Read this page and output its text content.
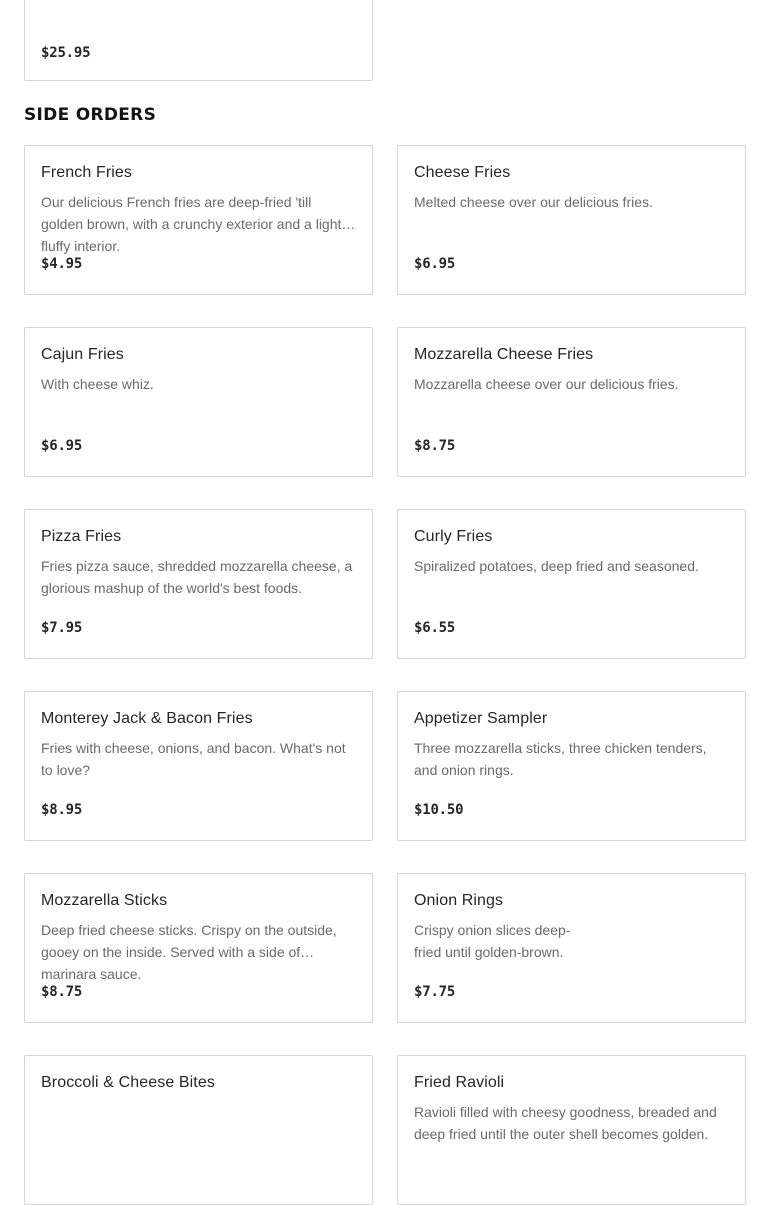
$25.95
SIDE ORDERS
French Fries
Our delicious French fries are deep-fried 'till golden brown, with a crunchy exterior and a light, fluffy interior.
$4.95
Cheese Fries
Melted cheese over our delicious fries.
$6.95
Cajun Fries
With cheese whiz.
$6.95
Mozzarella Cheese Fries
Mozzarella cheese over our delicious fries.
$8.75
Pizza Fries
Fries pizza sauce, shredded mozzarella cheese, a glorious mashup of the world's best foods.
$7.95
Curly Fries
Spiralized potatoes, deep fried and seasoned.
$6.55
Monterey Jack & Bacon Fries
Fries with cheese, onions, and bacon. What's not to love?
$8.95
Appetizer Sampler
Three mozzarella sticks, three chicken tenders, and onion rings.
$10.50
Mozzarella Sticks
Deep fried cheese sticks. Crispy on the outside, gooey on the inside. Served with a side of marinara sauce.
$8.75
Onion Rings
Crispy onion slices deep-fried until golden-brown.
$7.75
Broccoli & Cheese Bites	Fried Ravioli
Ravioli filled with cheesy goodness, breaded and deep fried until the outer shell becomes golden.
